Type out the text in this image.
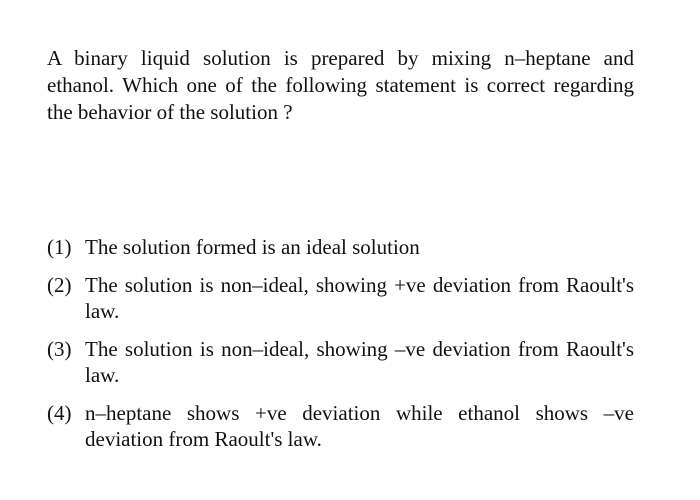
A binary liquid solution is prepared by mixing n–heptane and ethanol. Which one of the following statement is correct regarding the behavior of the solution ?
(1) The solution formed is an ideal solution
(2) The solution is non–ideal, showing +ve deviation from Raoult's law.
(3) The solution is non–ideal, showing –ve deviation from Raoult's law.
(4) n–heptane shows +ve deviation while ethanol shows –ve deviation from Raoult's law.
